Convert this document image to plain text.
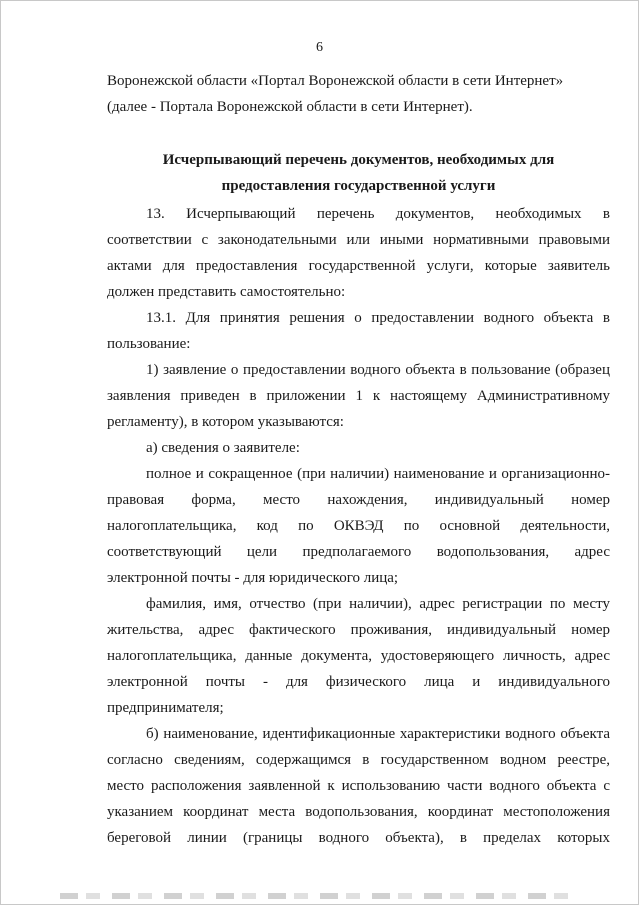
6
Воронежской области «Портал Воронежской области в сети Интернет»
(далее - Портала Воронежской области в сети Интернет).
Исчерпывающий перечень документов, необходимых для
предоставления государственной услуги
13. Исчерпывающий перечень документов, необходимых в
соответствии с законодательными или иными нормативными правовыми
актами для предоставления государственной услуги, которые заявитель
должен представить самостоятельно:
13.1. Для принятия решения о предоставлении водного объекта в
пользование:
1) заявление о предоставлении водного объекта в пользование (образец
заявления приведен в приложении 1 к настоящему Административному
регламенту), в котором указываются:
а) сведения о заявителе:
полное и сокращенное (при наличии) наименование и организационно-
правовая форма, место нахождения, индивидуальный номер
налогоплательщика, код по ОКВЭД по основной деятельности,
соответствующий цели предполагаемого водопользования, адрес
электронной почты - для юридического лица;
фамилия, имя, отчество (при наличии), адрес регистрации по месту
жительства, адрес фактического проживания, индивидуальный номер
налогоплательщика, данные документа, удостоверяющего личность, адрес
электронной почты - для физического лица и индивидуального
предпринимателя;
б) наименование, идентификационные характеристики водного объекта
согласно сведениям, содержащимся в государственном водном реестре,
место расположения заявленной к использованию части водного объекта с
указанием координат места водопользования, координат местоположения
береговой линии (границы водного объекта), в пределах которых
